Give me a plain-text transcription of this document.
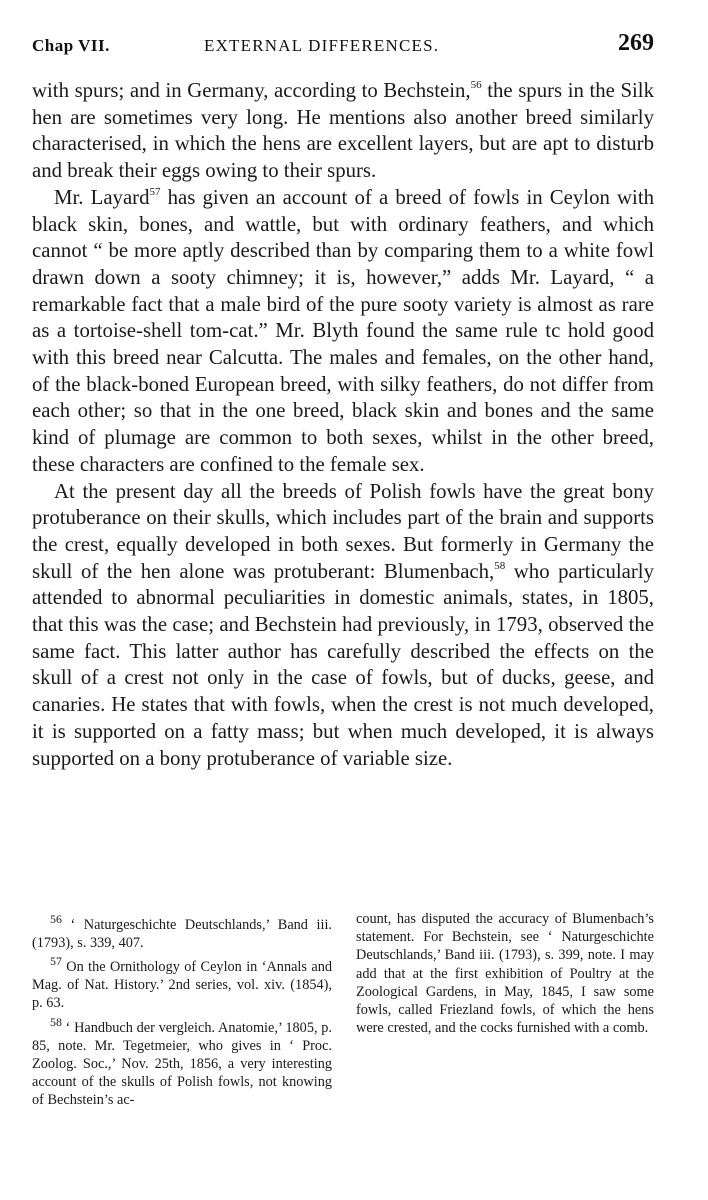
Chap VII.	EXTERNAL DIFFERENCES.	269

with spurs; and in Germany, according to Bechstein,$^{56}$ the spurs in the Silk hen are sometimes very long. He mentions also another breed similarly characterised, in which the hens are excellent layers, but are apt to disturb and break their eggs owing to their spurs.

Mr. Layard$^{57}$ has given an account of a breed of fowls in Ceylon with black skin, bones, and wattle, but with ordinary feathers, and which cannot “ be more aptly described than by comparing them to a white fowl drawn down a sooty chimney; it is, however,” adds Mr. Layard, “ a remarkable fact that a male bird of the pure sooty variety is almost as rare as a tortoise-shell tom-cat.” Mr. Blyth found the same rule tc hold good with this breed near Calcutta. The males and females, on the other hand, of the black-boned European breed, with silky feathers, do not differ from each other; so that in the one breed, black skin and bones and the same kind of plumage are common to both sexes, whilst in the other breed, these characters are confined to the female sex.

At the present day all the breeds of Polish fowls have the great bony protuberance on their skulls, which includes part of the brain and supports the crest, equally developed in both sexes. But formerly in Germany the skull of the hen alone was protuberant: Blumenbach,$^{58}$ who particularly attended to abnormal peculiarities in domestic animals, states, in 1805, that this was the case; and Bechstein had previously, in 1793, observed the same fact. This latter author has carefully described the effects on the skull of a crest not only in the case of fowls, but of ducks, geese, and canaries. He states that with fowls, when the crest is not much developed, it is supported on a fatty mass; but when much developed, it is always supported on a bony protuberance of variable size.

$^{56}$ ‘ Naturgeschichte Deutschlands,’ Band iii. (1793), s. 339, 407.

$^{57}$ On the Ornithology of Ceylon in ‘Annals and Mag. of Nat. History.’ 2nd series, vol. xiv. (1854), p. 63.

$^{58}$ ‘ Handbuch der vergleich. Anatomie,’ 1805, p. 85, note. Mr. Tegetmeier, who gives in ‘ Proc. Zoolog. Soc.,’ Nov. 25th, 1856, a very interesting account of the skulls of Polish fowls, not knowing of Bechstein’s ac-

count, has disputed the accuracy of Blumenbach’s statement. For Bechstein, see ‘ Naturgeschichte Deutschlands,’ Band iii. (1793), s. 399, note. I may add that at the first exhibition of Poultry at the Zoological Gardens, in May, 1845, I saw some fowls, called Friezland fowls, of which the hens were crested, and the cocks furnished with a comb.
